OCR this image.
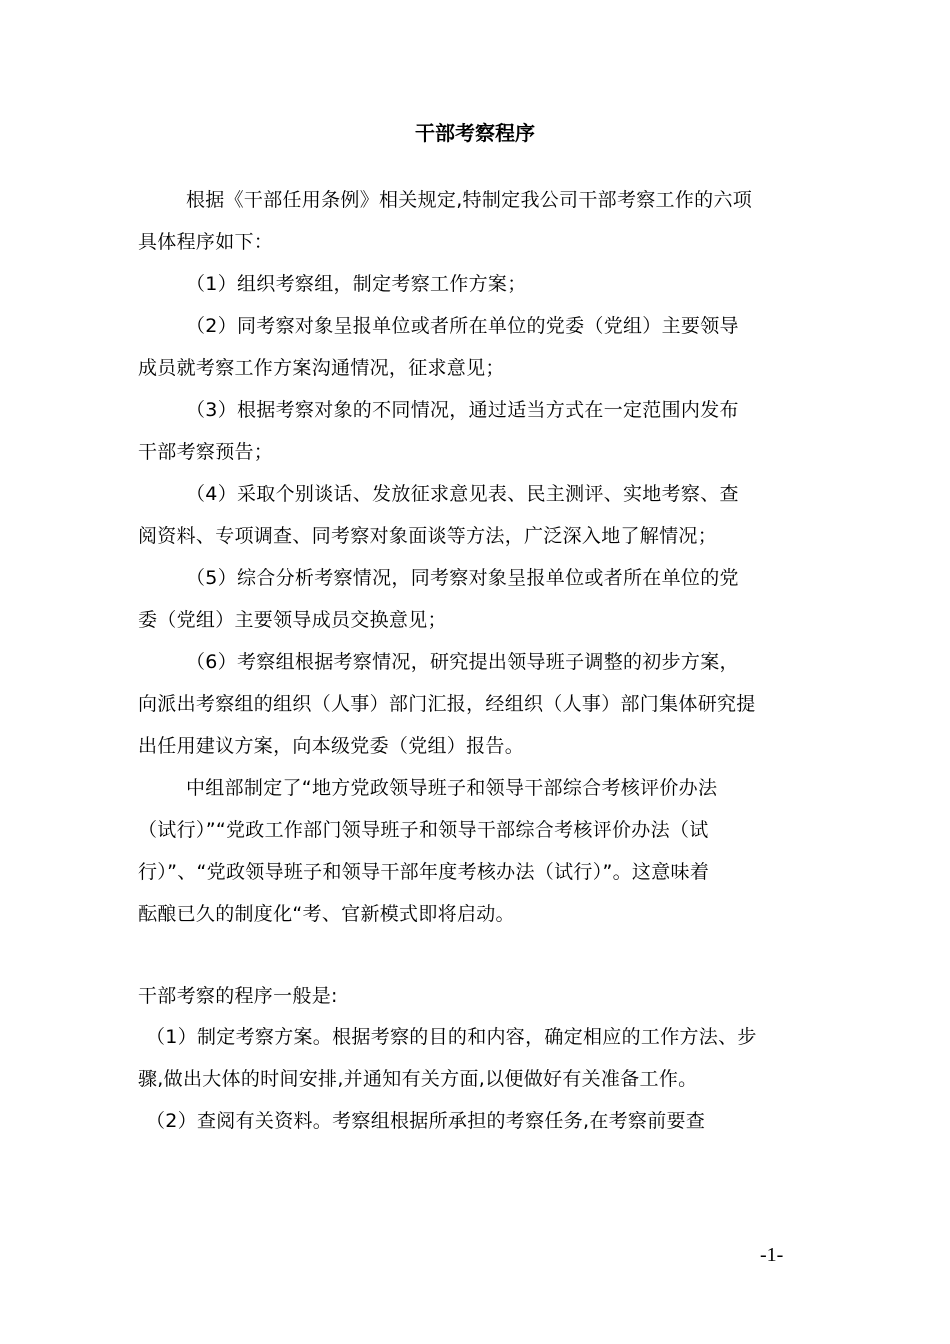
干部考察程序
根据《干部任用条例》相关规定,特制定我公司干部考察工作的六项
具体程序如下：
（1）组织考察组，制定考察工作方案；
（2）同考察对象呈报单位或者所在单位的党委（党组）主要领导
成员就考察工作方案沟通情况，征求意见；
（3）根据考察对象的不同情况，通过适当方式在一定范围内发布
干部考察预告；
（4）采取个别谈话、发放征求意见表、民主测评、实地考察、查
阅资料、专项调查、同考察对象面谈等方法，广泛深入地了解情况；
（5）综合分析考察情况，同考察对象呈报单位或者所在单位的党
委（党组）主要领导成员交换意见；
（6）考察组根据考察情况，研究提出领导班子调整的初步方案，
向派出考察组的组织（人事）部门汇报，经组织（人事）部门集体研究提
出任用建议方案，向本级党委（党组）报告。
中组部制定了“地方党政领导班子和领导干部综合考核评价办法
（试行）”“党政工作部门领导班子和领导干部综合考核评价办法（试
行）”、“党政领导班子和领导干部年度考核办法（试行）”。这意味着
酝酿已久的制度化“考、官新模式即将启动。
干部考察的程序一般是:
（1）制定考察方案。根据考察的目的和内容，确定相应的工作方法、步
骤,做出大体的时间安排,并通知有关方面,以便做好有关准备工作。
（2）查阅有关资料。考察组根据所承担的考察任务,在考察前要查
-1-
